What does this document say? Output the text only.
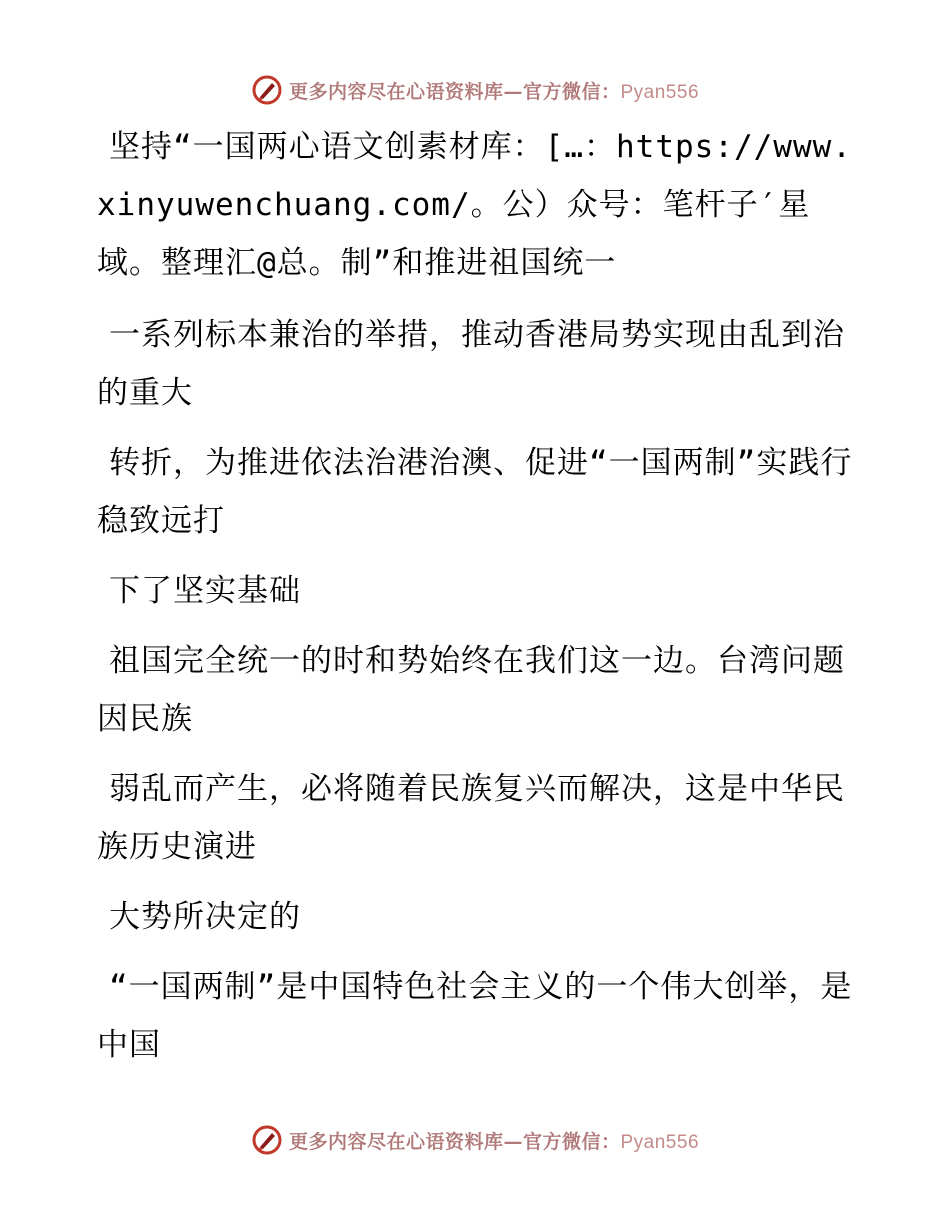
更多内容尽在心语资料库—官方微信：Pyan556

坚持“一国两心语文创素材库：[…：https://www.xinyuwenchuang.com/。公）众号：笔杆子′星域。整理汇@总。制”和推进祖国统一

一系列标本兼治的举措，推动香港局势实现由乱到治的重大

转折，为推进依法治港治澳、促进“一国两制”实践行稳致远打

下了坚实基础

祖国完全统一的时和势始终在我们这一边。台湾问题因民族

弱乱而产生，必将随着民族复兴而解决，这是中华民族历史演进

大势所决定的

“一国两制”是中国特色社会主义的一个伟大创举，是中国

更多内容尽在心语资料库—官方微信：Pyan556
